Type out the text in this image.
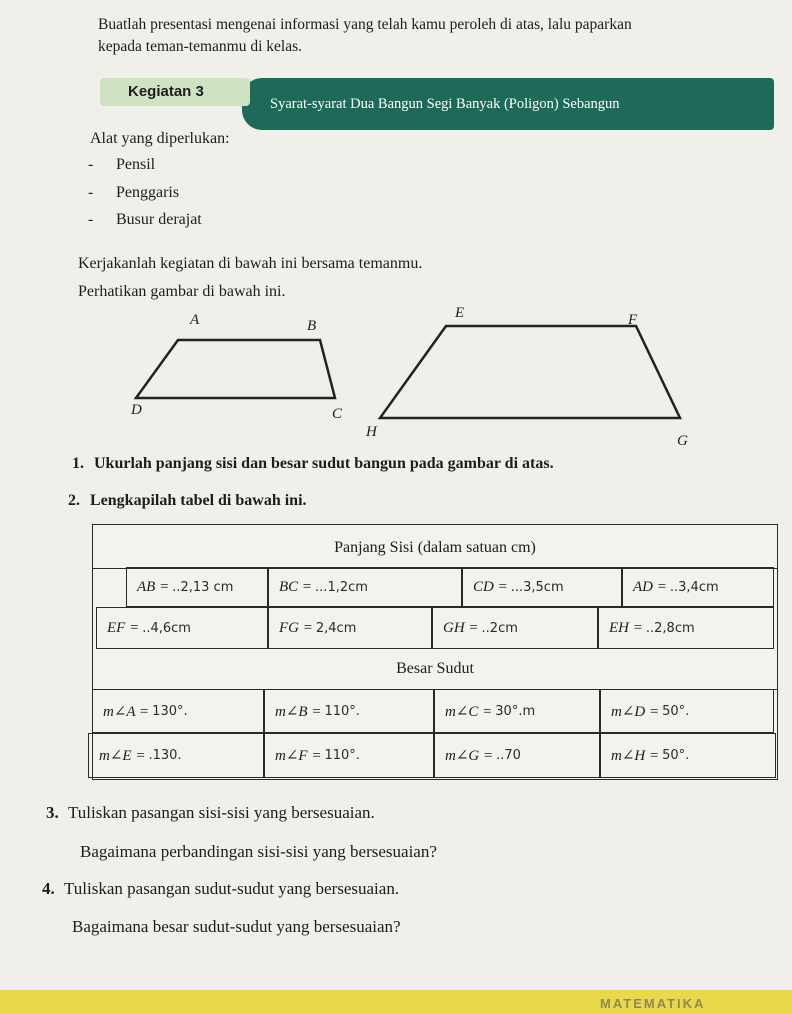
Buatlah presentasi mengenai informasi yang telah kamu peroleh di atas, lalu paparkan
kepada teman-temanmu di kelas.
Syarat-syarat Dua Bangun Segi Banyak (Poligon) Sebangun
Kegiatan 3
Alat yang diperlukan:
- Pensil
- Penggaris
- Busur derajat
Kerjakanlah kegiatan di bawah ini bersama temanmu.
Perhatikan gambar di bawah ini.
A	B
C
D
E	F
G
H
1. Ukurlah panjang sisi dan besar sudut bangun pada gambar di atas.
2. Lengkapilah tabel di bawah ini.
Panjang Sisi (dalam satuan cm)
AB = ..2,13 cm	BC = ...1,2cm	CD = ...3,5cm	AD = ..3,4cm
EF = ..4,6cm	FG = 2,4cm	GH = ..2cm	EH = ..2,8cm
Besar Sudut
m∠A = 130°.	m∠B = 110°.	m∠C = 30°.m	m∠D = 50°.
m∠E = .130.	m∠F = 110°.	m∠G = ..70	m∠H = 50°.
3. Tuliskan pasangan sisi-sisi yang bersesuaian.
Bagaimana perbandingan sisi-sisi yang bersesuaian?
4. Tuliskan pasangan sudut-sudut yang bersesuaian.
Bagaimana besar sudut-sudut yang bersesuaian?
MATEMATIKA
